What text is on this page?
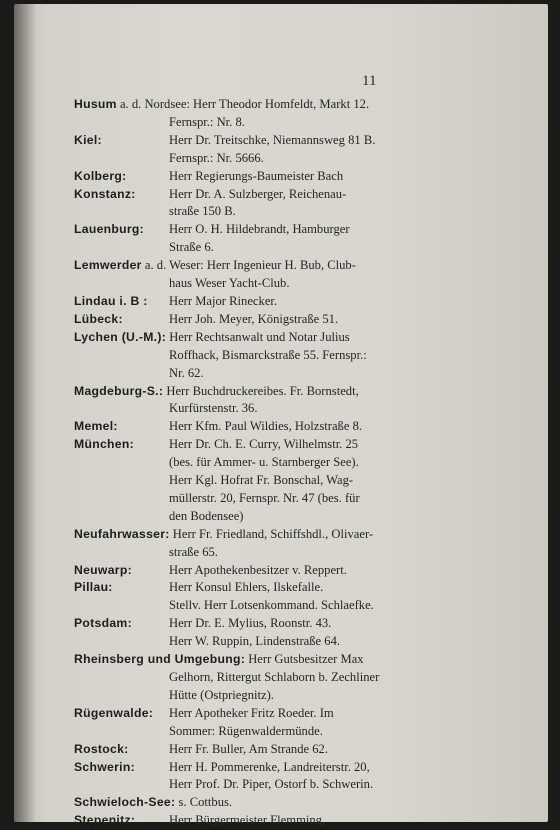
11
Husum a. d. Nordsee: Herr Theodor Homfeldt, Markt 12.
Fernspr.: Nr. 8.
Kiel:	Herr Dr. Treitschke, Niemannsweg 81 B.
Fernspr.: Nr. 5666.
Kolberg:	Herr Regierungs-Baumeister Bach
Konstanz:	Herr Dr. A. Sulzberger, Reichenau-
straße 150 B.
Lauenburg:	Herr O. H. Hildebrandt, Hamburger
Straße 6.
Lemwerder a. d. Weser: Herr Ingenieur H. Bub, Club-
haus Weser Yacht-Club.
Lindau i. B :	Herr Major Rinecker.
Lübeck:	Herr Joh. Meyer, Königstraße 51.
Lychen (U.-M.): Herr Rechtsanwalt und Notar Julius
Roffhack, Bismarckstraße 55. Fernspr.:
Nr. 62.
Magdeburg-S.: Herr Buchdruckereibes. Fr. Bornstedt,
Kurfürstenstr. 36.
Memel:	Herr Kfm. Paul Wildies, Holzstraße 8.
München:	Herr Dr. Ch. E. Curry, Wilhelmstr. 25
(bes. für Ammer- u. Starnberger See).
Herr Kgl. Hofrat Fr. Bonschal, Wag-
müllerstr. 20, Fernspr. Nr. 47 (bes. für
den Bodensee)
Neufahrwasser: Herr Fr. Friedland, Schiffshdl., Olivaer-
straße 65.
Neuwarp:	Herr Apothekenbesitzer v. Reppert.
Pillau:	Herr Konsul Ehlers, Ilskefalle.
Stellv. Herr Lotsenkommand. Schlaefke.
Potsdam:	Herr Dr. E. Mylius, Roonstr. 43.
Herr W. Ruppin, Lindenstraße 64.
Rheinsberg und Umgebung: Herr Gutsbesitzer Max
Gelhorn, Rittergut Schlaborn b. Zechliner
Hütte (Ostpriegnitz).
Rügenwalde:	Herr Apotheker Fritz Roeder. Im
Sommer: Rügenwaldermünde.
Rostock:	Herr Fr. Buller, Am Strande 62.
Schwerin:	Herr H. Pommerenke, Landreiterstr. 20,
Herr Prof. Dr. Piper, Ostorf b. Schwerin.
Schwieloch-See: s. Cottbus.
Stepenitz:	Herr Bürgermeister Flemming.
